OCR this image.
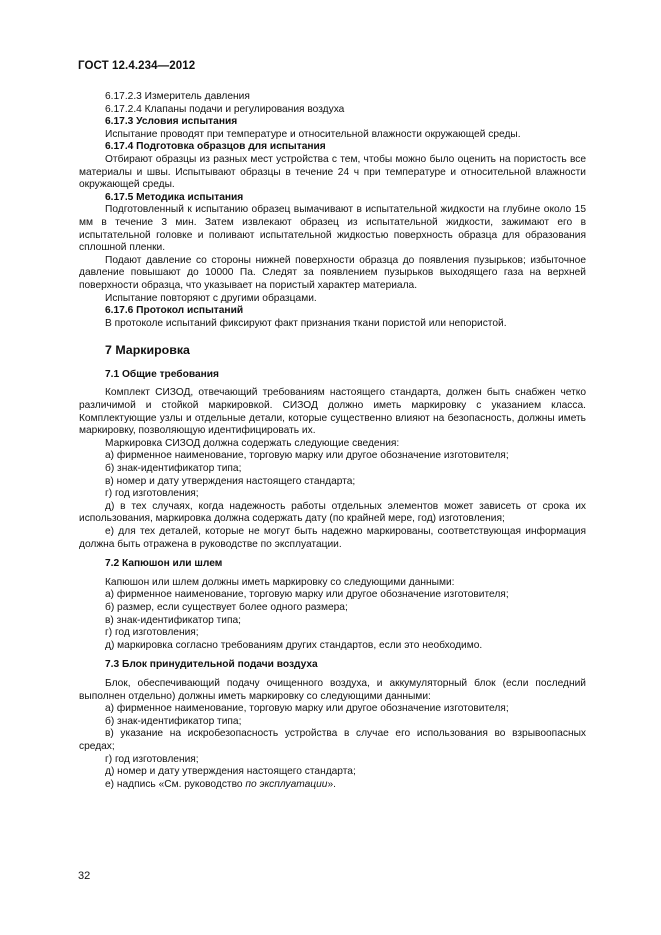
ГОСТ 12.4.234—2012

6.17.2.3 Измеритель давления

6.17.2.4 Клапаны подачи и регулирования воздуха

6.17.3 Условия испытания

Испытание проводят при температуре и относительной влажности окружающей среды.

6.17.4 Подготовка образцов для испытания

Отбирают образцы из разных мест устройства с тем, чтобы можно было оценить на пористость все материалы и швы. Испытывают образцы в течение 24 ч при температуре и относительной влажности окружающей среды.

6.17.5 Методика испытания

Подготовленный к испытанию образец вымачивают в испытательной жидкости на глубине около 15 мм в течение 3 мин. Затем извлекают образец из испытательной жидкости, зажимают его в испытательной головке и поливают испытательной жидкостью поверхность образца для образования сплошной пленки.

Подают давление со стороны нижней поверхности образца до появления пузырьков; избыточное давление повышают до 10000 Па. Следят за появлением пузырьков выходящего газа на верхней поверхности образца, что указывает на пористый характер материала.

Испытание повторяют с другими образцами.

6.17.6 Протокол испытаний

В протоколе испытаний фиксируют факт признания ткани пористой или непористой.

7 Маркировка

7.1 Общие требования

Комплект СИЗОД, отвечающий требованиям настоящего стандарта, должен быть снабжен четко различимой и стойкой маркировкой. СИЗОД должно иметь маркировку с указанием класса. Комплектующие узлы и отдельные детали, которые существенно влияют на безопасность, должны иметь маркировку, позволяющую идентифицировать их.

Маркировка СИЗОД должна содержать следующие сведения:

а) фирменное наименование, торговую марку или другое обозначение изготовителя;

б) знак-идентификатор типа;

в) номер и дату утверждения настоящего стандарта;

г) год изготовления;

д) в тех случаях, когда надежность работы отдельных элементов может зависеть от срока их использования, маркировка должна содержать дату (по крайней мере, год) изготовления;

е) для тех деталей, которые не могут быть надежно маркированы, соответствующая информация должна быть отражена в руководстве по эксплуатации.

7.2 Капюшон или шлем

Капюшон или шлем должны иметь маркировку со следующими данными:

а) фирменное наименование, торговую марку или другое обозначение изготовителя;

б) размер, если существует более одного размера;

в) знак-идентификатор типа;

г) год изготовления;

д) маркировка согласно требованиям других стандартов, если это необходимо.

7.3 Блок принудительной подачи воздуха

Блок, обеспечивающий подачу очищенного воздуха, и аккумуляторный блок (если последний выполнен отдельно) должны иметь маркировку со следующими данными:

а) фирменное наименование, торговую марку или другое обозначение изготовителя;

б) знак-идентификатор типа;

в) указание на искробезопасность устройства в случае его использования во взрывоопасных средах;

г) год изготовления;

д) номер и дату утверждения настоящего стандарта;

е) надпись «См. руководство по эксплуатации».

32
